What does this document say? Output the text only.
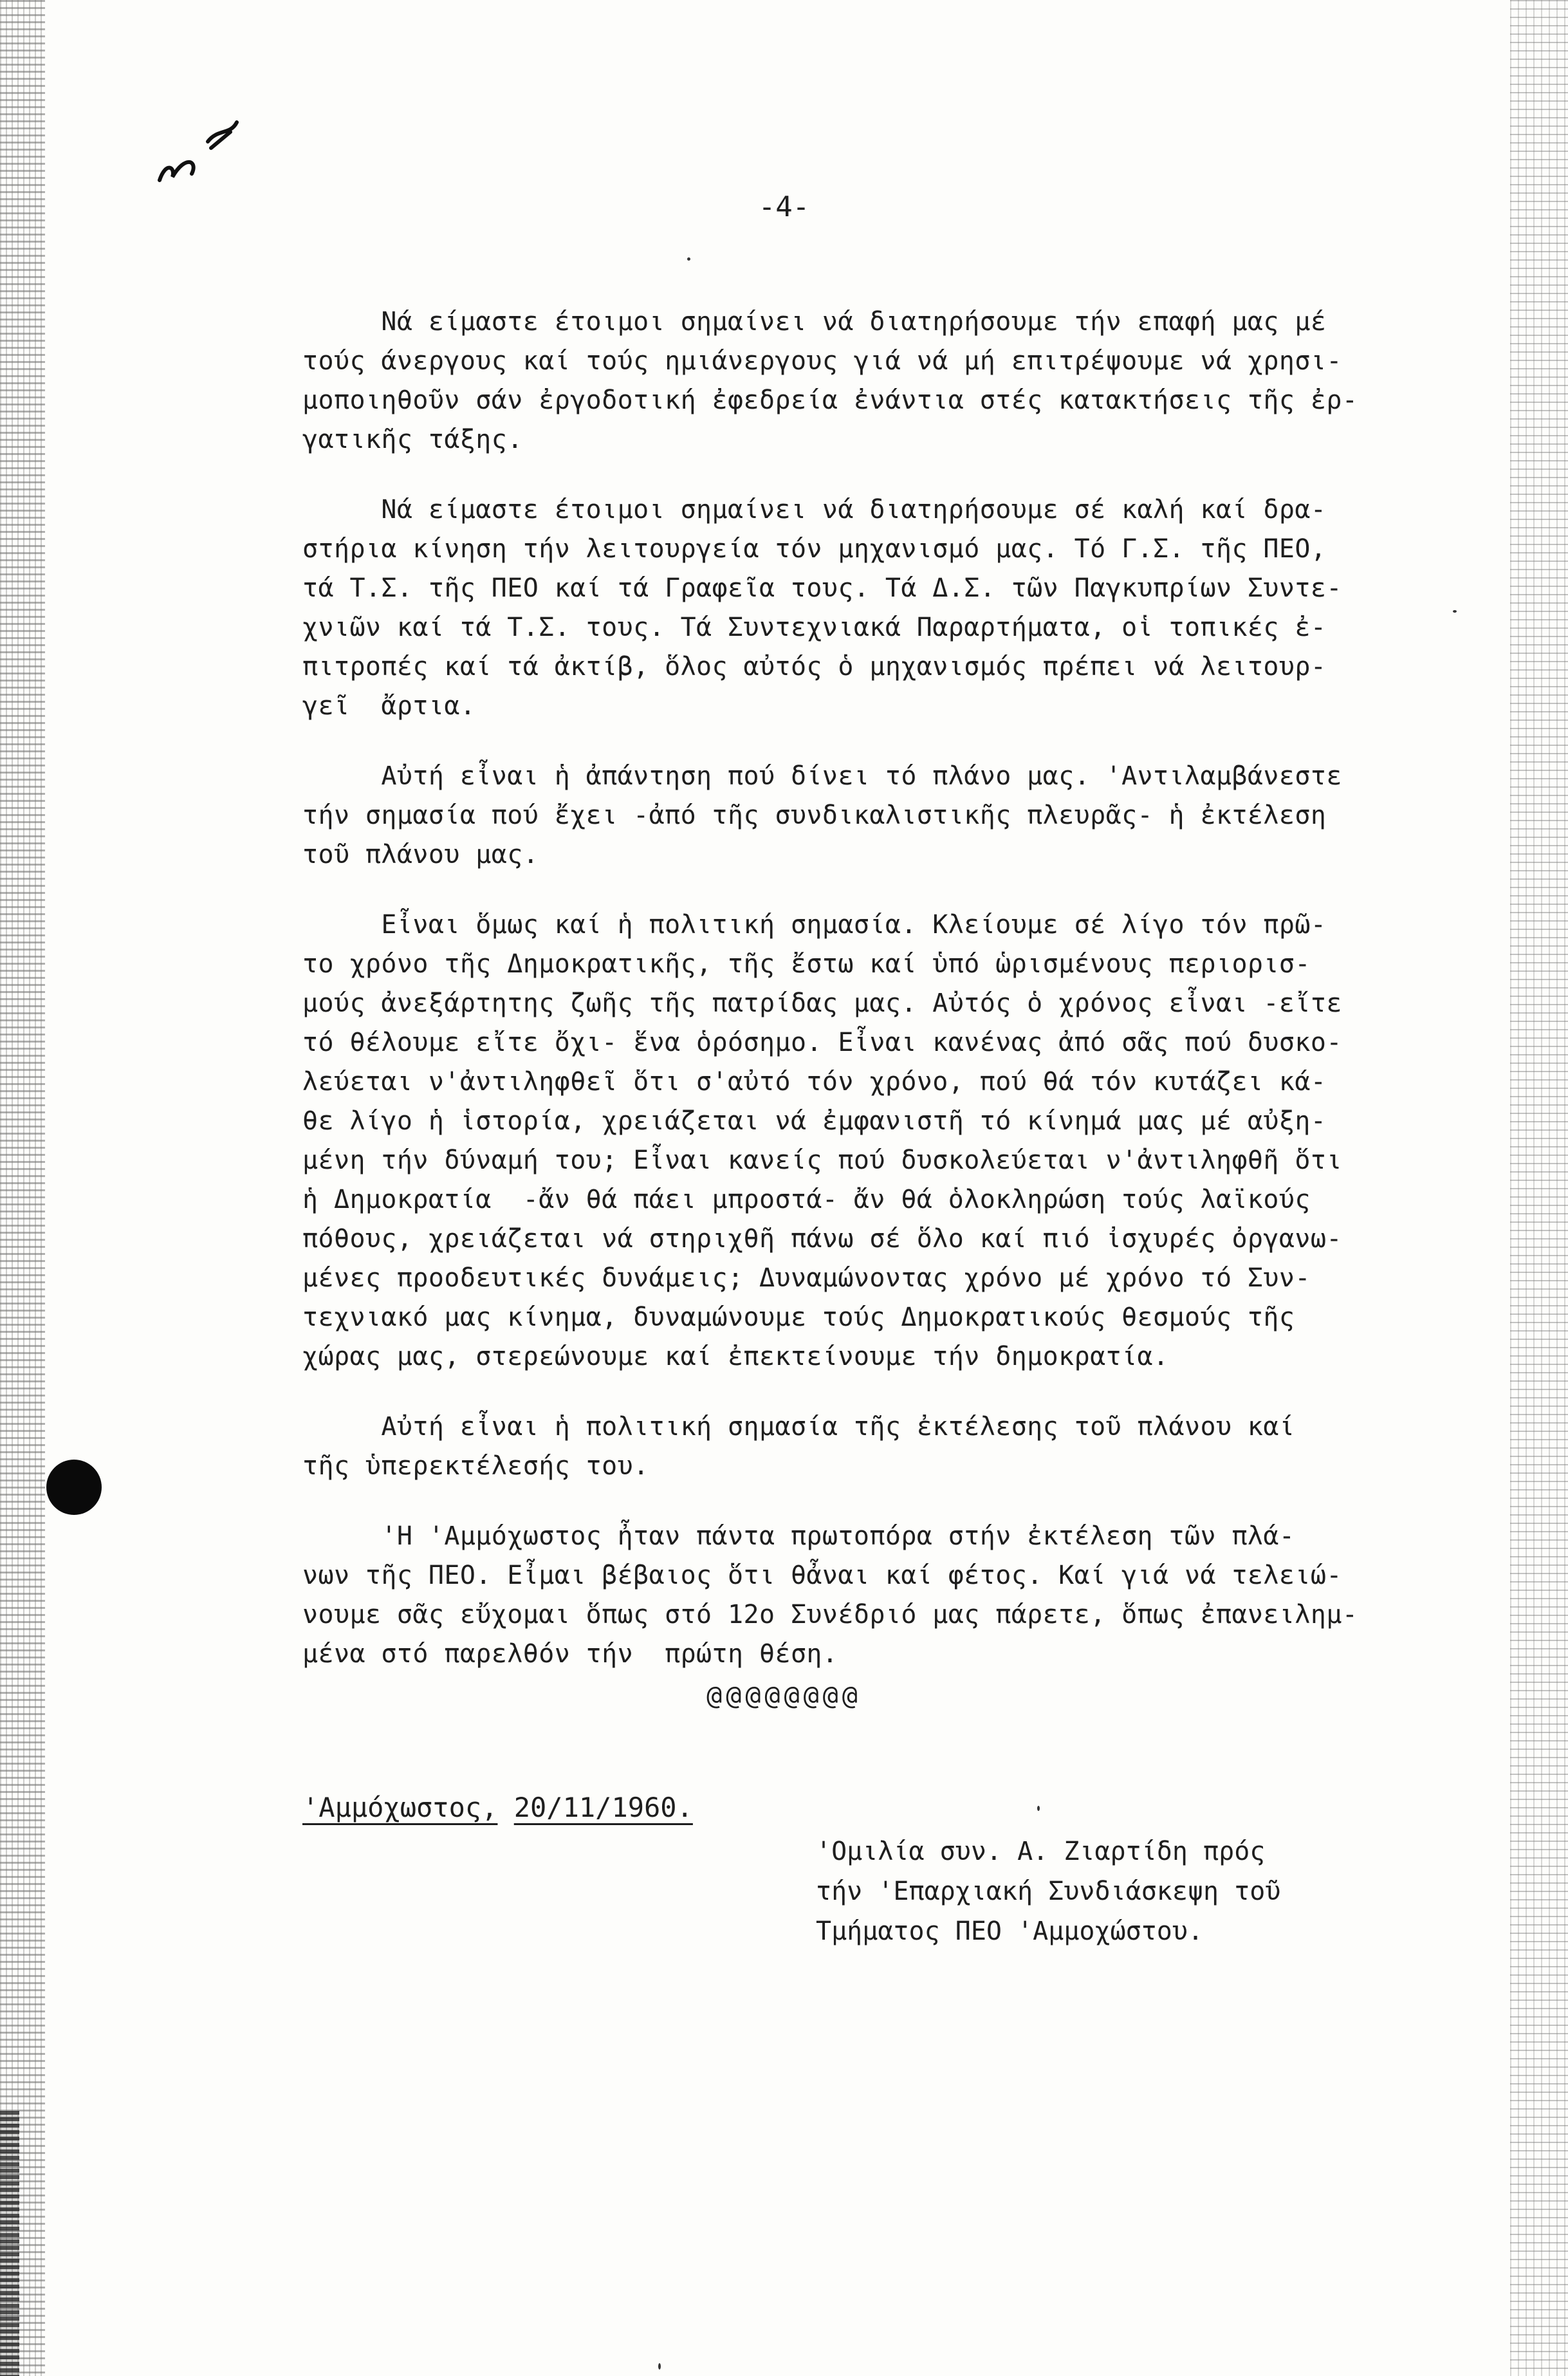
-4-

Νά είμαστε έτοιμοι σημαίνει νά διατηρήσουμε τήν επαφή μας μέ
τούς άνεργους καί τούς ημιάνεργους γιά νά μή επιτρέψουμε νά χρησι-
μοποιηθοῦν σάν ἐργοδοτική ἐφεδρεία ἐνάντια στές κατακτήσεις τῆς ἐρ-
γατικῆς τάξης.

Νά είμαστε έτοιμοι σημαίνει νά διατηρήσουμε σέ καλή καί δρα-
στήρια κίνηση τήν λειτουργεία τόν μηχανισμό μας. Τό Γ.Σ. τῆς ΠΕΟ,
τά Τ.Σ. τῆς ΠΕΟ καί τά Γραφεῖα τους. Τά Δ.Σ. τῶν Παγκυπρίων Συντε-
χνιῶν καί τά Τ.Σ. τους. Τά Συντεχνιακά Παραρτήματα, οἱ τοπικές ἐ-
πιτροπές καί τά ἀκτίβ, ὅλος αὐτός ὁ μηχανισμός πρέπει νά λειτουρ-
γεῖ  ἄρτια.

Αὐτή εἶναι ἡ ἀπάντηση πού δίνει τό πλάνο μας. 'Αντιλαμβάνεστε
τήν σημασία πού ἔχει -ἀπό τῆς συνδικαλιστικῆς πλευρᾶς- ἡ ἐκτέλεση
τοῦ πλάνου μας.

Εἶναι ὅμως καί ἡ πολιτική σημασία. Κλείουμε σέ λίγο τόν πρῶ-
το χρόνο τῆς Δημοκρατικῆς, τῆς ἔστω καί ὑπό ὡρισμένους περιορισ-
μούς ἀνεξάρτητης ζωῆς τῆς πατρίδας μας. Αὐτός ὁ χρόνος εἶναι -εἴτε
τό θέλουμε εἴτε ὄχι- ἕνα ὁρόσημο. Εἶναι κανένας ἀπό σᾶς πού δυσκο-
λεύεται ν'ἀντιληφθεῖ ὅτι σ'αὐτό τόν χρόνο, πού θά τόν κυτάζει κά-
θε λίγο ἡ ἱστορία, χρειάζεται νά ἐμφανιστῆ τό κίνημά μας μέ αὐξη-
μένη τήν δύναμή του; Εἶναι κανείς πού δυσκολεύεται ν'ἀντιληφθῆ ὅτι
ἡ Δημοκρατία  -ἄν θά πάει μπροστά- ἄν θά ὁλοκληρώση τούς λαϊκούς
πόθους, χρειάζεται νά στηριχθῆ πάνω σέ ὅλο καί πιό ἰσχυρές ὀργανω-
μένες προοδευτικές δυνάμεις; Δυναμώνοντας χρόνο μέ χρόνο τό Συν-
τεχνιακό μας κίνημα, δυναμώνουμε τούς Δημοκρατικούς θεσμούς τῆς
χώρας μας, στερεώνουμε καί ἐπεκτείνουμε τήν δημοκρατία.

Αὐτή εἶναι ἡ πολιτική σημασία τῆς ἐκτέλεσης τοῦ πλάνου καί
τῆς ὑπερεκτέλεσής του.

'Η 'Αμμόχωστος ἦταν πάντα πρωτοπόρα στήν ἐκτέλεση τῶν πλά-
νων τῆς ΠΕΟ. Εἶμαι βέβαιος ὅτι θἆναι καί φέτος. Καί γιά νά τελειώ-
νουμε σᾶς εὔχομαι ὅπως στό 12ο Συνέδριό μας πάρετε, ὅπως ἐπανειλημ-
μένα στό παρελθόν τήν  πρώτη θέση.

@@@@@@@@
'Αμμόχωστος, 20/11/1960.
'Ομιλία συν. Α. Ζιαρτίδη πρός
τήν 'Επαρχιακή Συνδιάσκεψη τοῦ
Τμήματος ΠΕΟ 'Αμμοχώστου.
